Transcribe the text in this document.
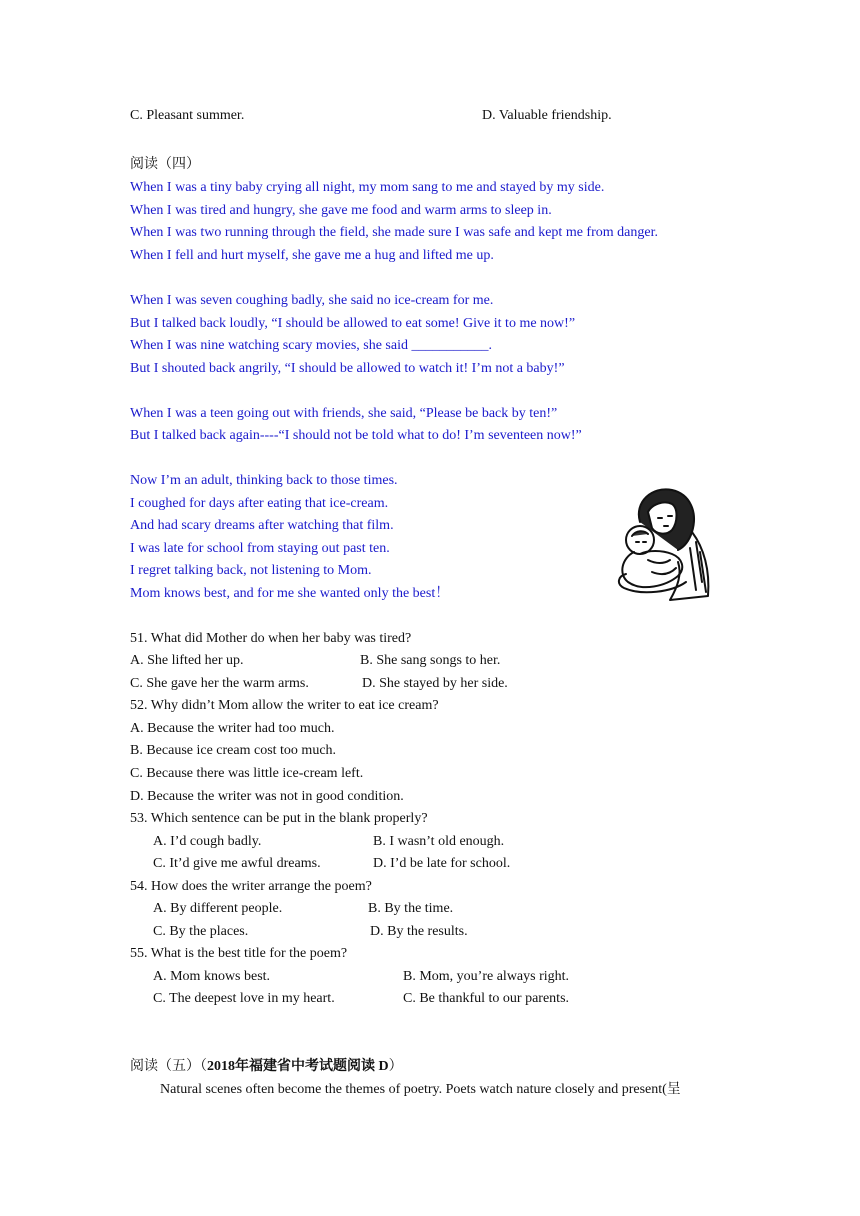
C. Pleasant summer.	D. Valuable friendship.
阅读（四）
When I was a tiny baby crying all night, my mom sang to me and stayed by my side.
When I was tired and hungry, she gave me food and warm arms to sleep in.
When I was two running through the field, she made sure I was safe and kept me from danger.
When I fell and hurt myself, she gave me a hug and lifted me up.
When I was seven coughing badly, she said no ice-cream for me.
But I talked back loudly, “I should be allowed to eat some! Give it to me now!”
When I was nine watching scary movies, she said ___________.
But I shouted back angrily, “I should be allowed to watch it! I’m not a baby!”
When I was a teen going out with friends, she said, “Please be back by ten!”
But I talked back again----“I should not be told what to do! I’m seventeen now!”
Now I’m an adult, thinking back to those times.
I coughed for days after eating that ice-cream.
And had scary dreams after watching that film.
I was late for school from staying out past ten.
I regret talking back, not listening to Mom.
Mom knows best, and for me she wanted only the best！
51. What did Mother do when her baby was tired?
A. She lifted her up.	B. She sang songs to her.
C. She gave her the warm arms.	D. She stayed by her side.
52. Why didn’t Mom allow the writer to eat ice cream?
A. Because the writer had too much.
B. Because ice cream cost too much.
C. Because there was little ice-cream left.
D. Because the writer was not in good condition.
53. Which sentence can be put in the blank properly?
A. I’d cough badly.	B. I wasn’t old enough.
C. It’d give me awful dreams.	D. I’d be late for school.
54. How does the writer arrange the poem?
A. By different people.	B. By the time.
C. By the places.	D. By the results.
55. What is the best title for the poem?
A. Mom knows best.	B. Mom, you’re always right.
C. The deepest love in my heart.	C. Be thankful to our parents.
阅读（五）（2018年福建省中考试题阅读 D）
Natural scenes often become the themes of poetry. Poets watch nature closely and present(呈
